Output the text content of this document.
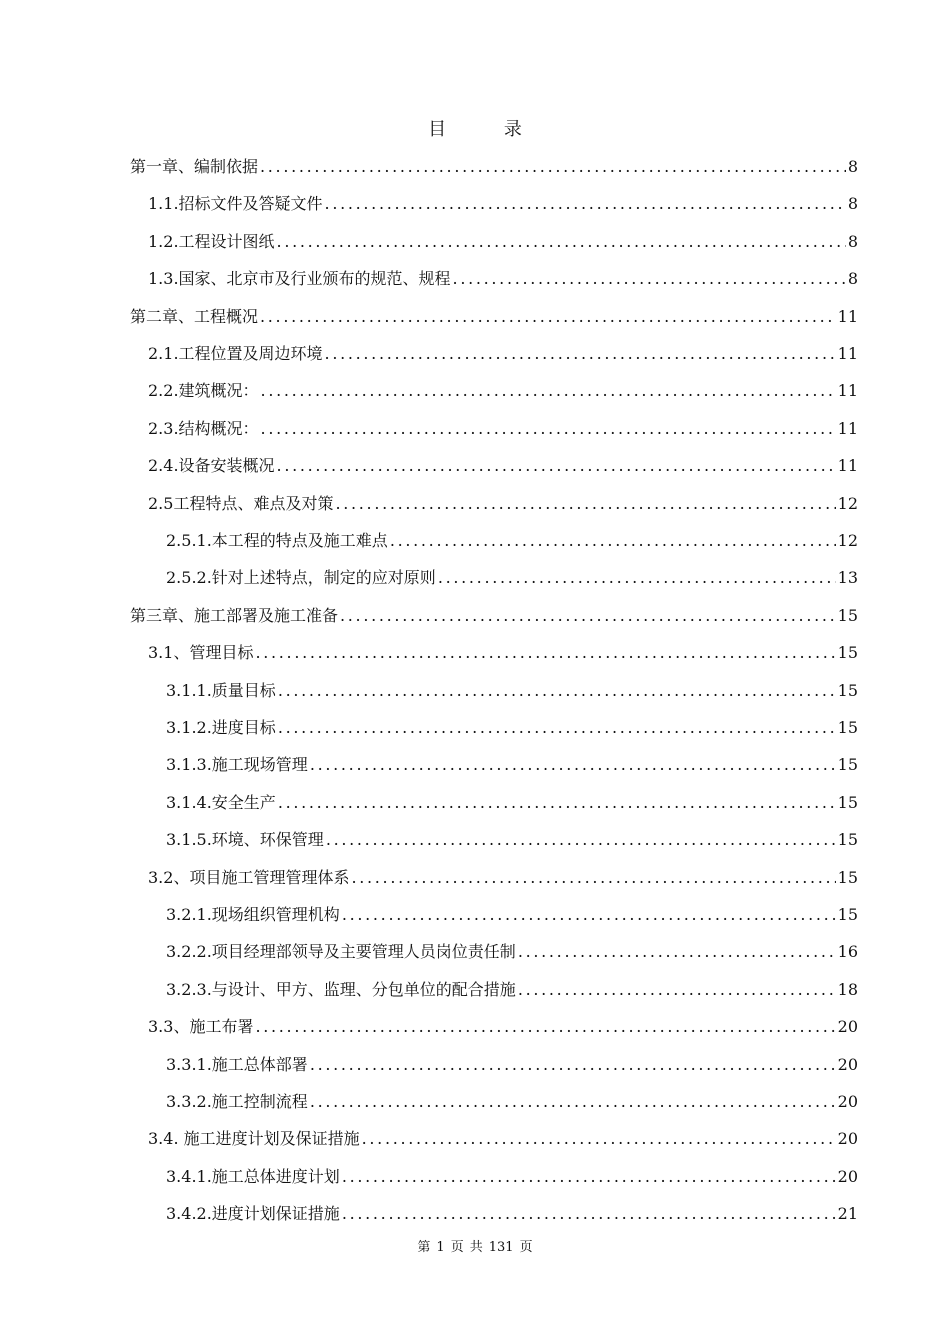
目 录
第一章、编制依据 . . .	8
1.1.招标文件及答疑文件 . . .	8
1.2.工程设计图纸 . . .	8
1.3.国家、北京市及行业颁布的规范、规程 . . .	8
第二章、工程概况 . . .	11
2.1.工程位置及周边环境 . . .	11
2.2.建筑概况： . . .	11
2.3.结构概况： . . .	11
2.4.设备安装概况 . . .	11
2.5工程特点、难点及对策 . . .	12
2.5.1.本工程的特点及施工难点 . . .	12
2.5.2.针对上述特点，制定的应对原则 . . .	13
第三章、施工部署及施工准备 . . .	15
3.1、管理目标 . . .	15
3.1.1.质量目标 . . .	15
3.1.2.进度目标 . . .	15
3.1.3.施工现场管理 . . .	15
3.1.4.安全生产 . . .	15
3.1.5.环境、环保管理 . . .	15
3.2、项目施工管理管理体系 . . .	15
3.2.1.现场组织管理机构 . . .	15
3.2.2.项目经理部领导及主要管理人员岗位责任制 . . .	16
3.2.3.与设计、甲方、监理、分包单位的配合措施 . . .	18
3.3、施工布署 . . .	20
3.3.1.施工总体部署 . . .	20
3.3.2.施工控制流程 . . .	20
3.4. 施工进度计划及保证措施 . . .	20
3.4.1.施工总体进度计划 . . .	20
3.4.2.进度计划保证措施 . . .	21
第 1 页 共 131 页
